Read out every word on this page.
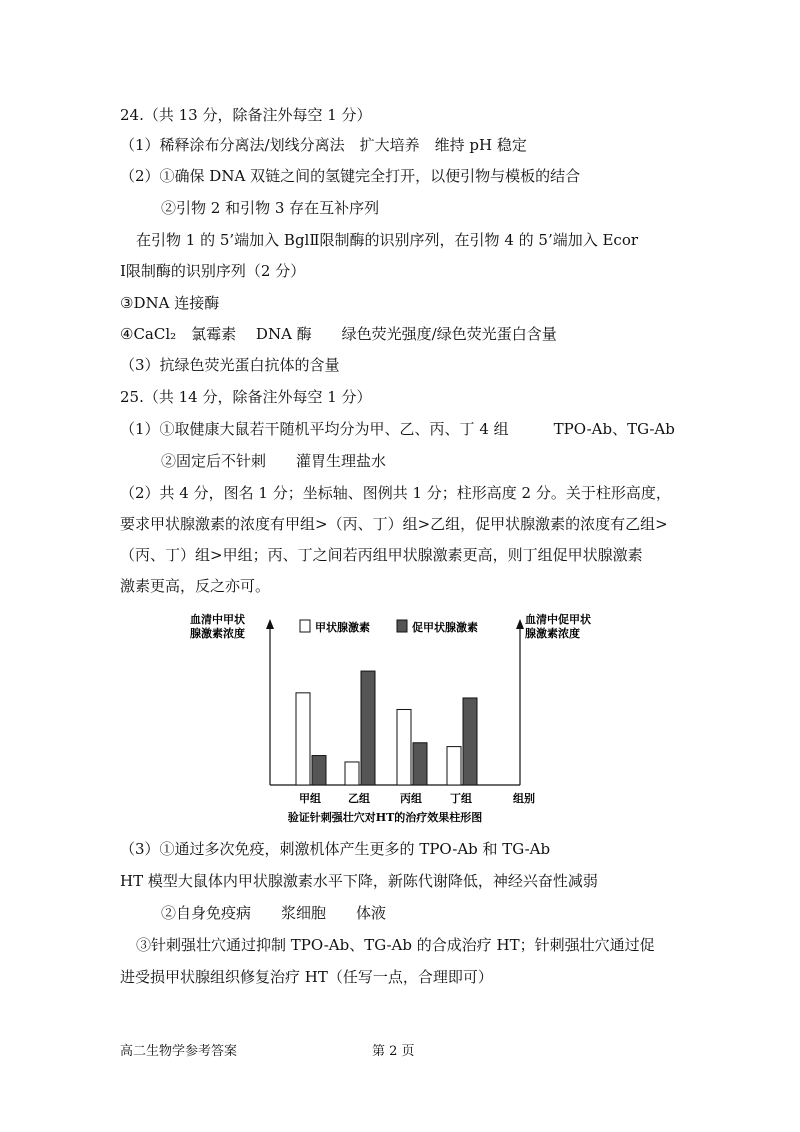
24.（共 13 分，除备注外每空 1 分）
（1）稀释涂布分离法/划线分离法　扩大培养　维持 pH 稳定
（2）①确保 DNA 双链之间的氢键完全打开，以便引物与模板的结合
②引物 2 和引物 3 存在互补序列
在引物 1 的 5’端加入 BglⅡ限制酶的识别序列，在引物 4 的 5’端加入 Ecor
Ⅰ限制酶的识别序列（2 分）
③DNA 连接酶
④CaCl₂　氯霉素　 DNA 酶　　绿色荧光强度/绿色荧光蛋白含量
（3）抗绿色荧光蛋白抗体的含量
25.（共 14 分，除备注外每空 1 分）
（1）①取健康大鼠若干随机平均分为甲、乙、丙、丁 4 组　　　TPO-Ab、TG-Ab
②固定后不针刺　　灌胃生理盐水
（2）共 4 分，图名 1 分；坐标轴、图例共 1 分；柱形高度 2 分。关于柱形高度，
要求甲状腺激素的浓度有甲组>（丙、丁）组>乙组，促甲状腺激素的浓度有乙组>
（丙、丁）组>甲组；丙、丁之间若丙组甲状腺激素更高，则丁组促甲状腺激素
激素更高，反之亦可。
血清中甲状
腺激素浓度
血清中促甲状
腺激素浓度
甲状腺激素	促甲状腺激素
甲组 乙组	丙组	丁组	组别
验证针刺强壮穴对HT的治疗效果柱形图
（3）①通过多次免疫，刺激机体产生更多的 TPO-Ab 和 TG-Ab
HT 模型大鼠体内甲状腺激素水平下降，新陈代谢降低，神经兴奋性减弱
②自身免疫病　　浆细胞　　体液
③针刺强壮穴通过抑制 TPO-Ab、TG-Ab 的合成治疗 HT；针刺强壮穴通过促
进受损甲状腺组织修复治疗 HT（任写一点，合理即可）
高二生物学参考答案	第 2 页
